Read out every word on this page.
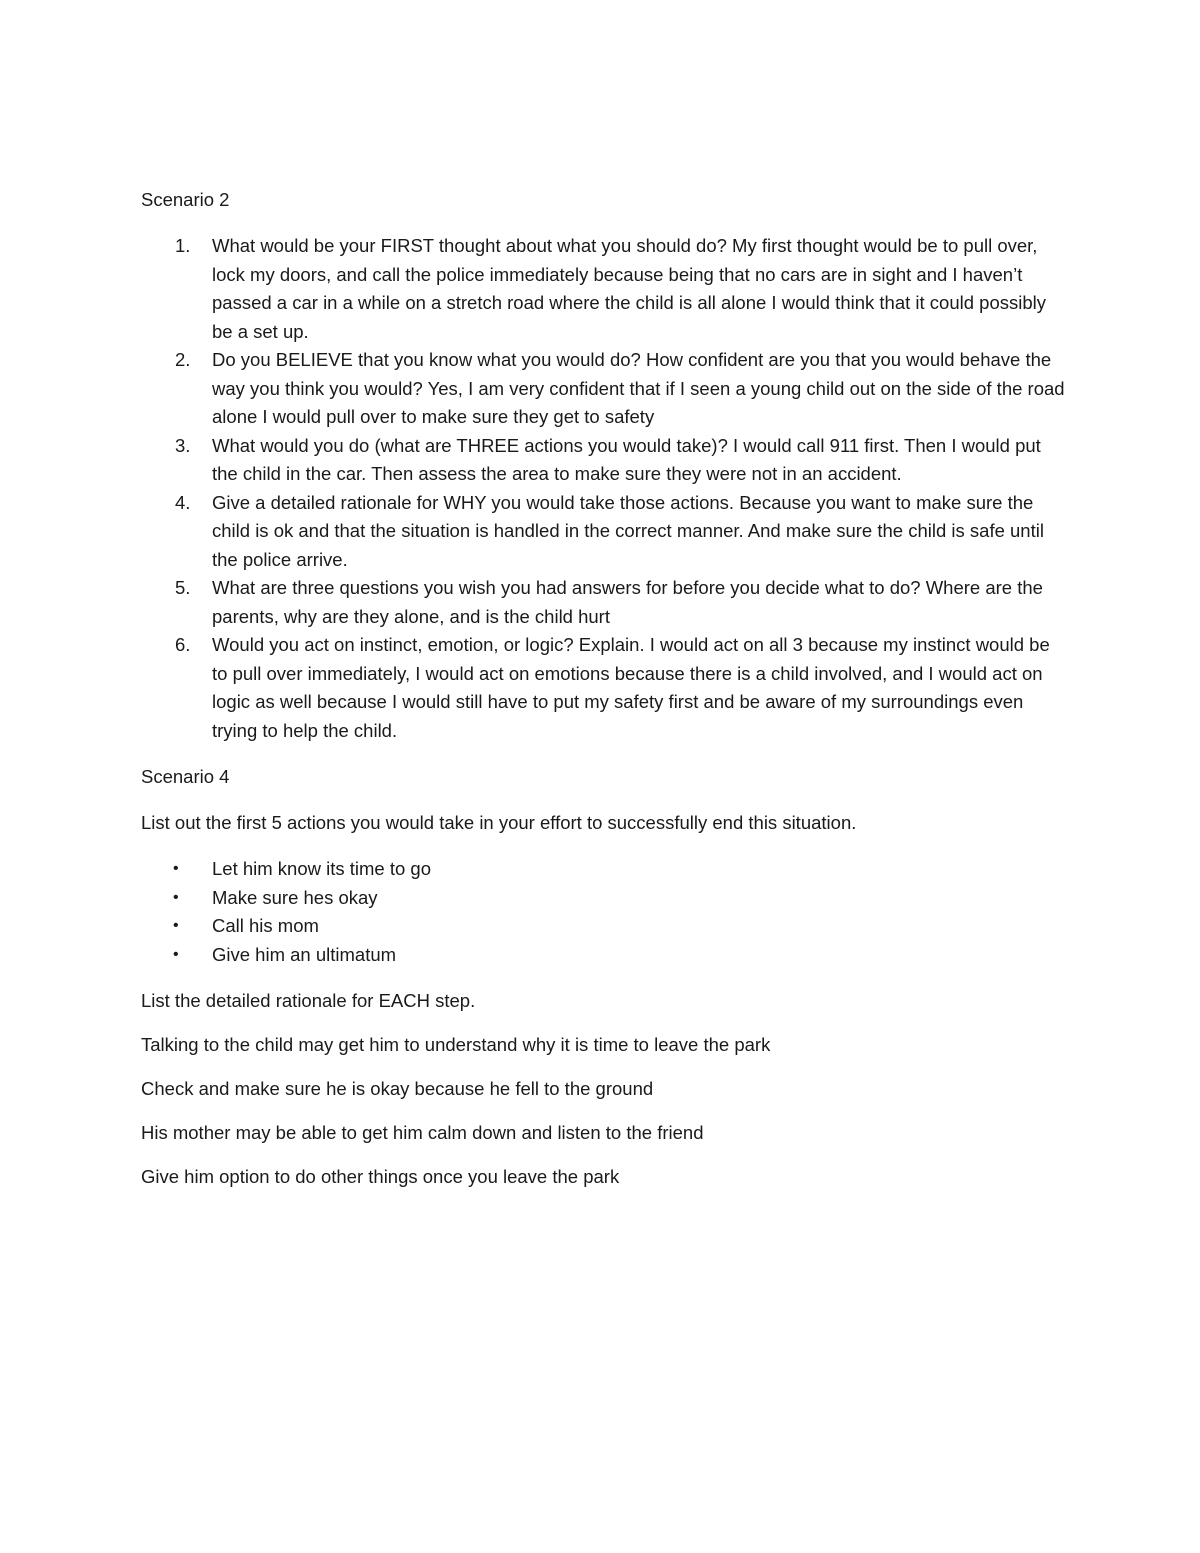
Scenario 2

1. What would be your FIRST thought about what you should do? My first thought would be to pull over, lock my doors, and call the police immediately because being that no cars are in sight and I haven’t passed a car in a while on a stretch road where the child is all alone I would think that it could possibly be a set up.
2. Do you BELIEVE that you know what you would do? How confident are you that you would behave the way you think you would? Yes, I am very confident that if I seen a young child out on the side of the road alone I would pull over to make sure they get to safety
3. What would you do (what are THREE actions you would take)? I would call 911 first. Then I would put the child in the car. Then assess the area to make sure they were not in an accident.
4. Give a detailed rationale for WHY you would take those actions. Because you want to make sure the child is ok and that the situation is handled in the correct manner. And make sure the child is safe until the police arrive.
5. What are three questions you wish you had answers for before you decide what to do? Where are the parents, why are they alone, and is the child hurt
6. Would you act on instinct, emotion, or logic? Explain. I would act on all 3 because my instinct would be to pull over immediately, I would act on emotions because there is a child involved, and I would act on logic as well because I would still have to put my safety first and be aware of my surroundings even trying to help the child.

Scenario 4

List out the first 5 actions you would take in your effort to successfully end this situation.

• Let him know its time to go
• Make sure hes okay
• Call his mom
• Give him an ultimatum

List the detailed rationale for EACH step.

Talking to the child may get him to understand why it is time to leave the park

Check and make sure he is okay because he fell to the ground

His mother may be able to get him calm down and listen to the friend

Give him option to do other things once you leave the park
